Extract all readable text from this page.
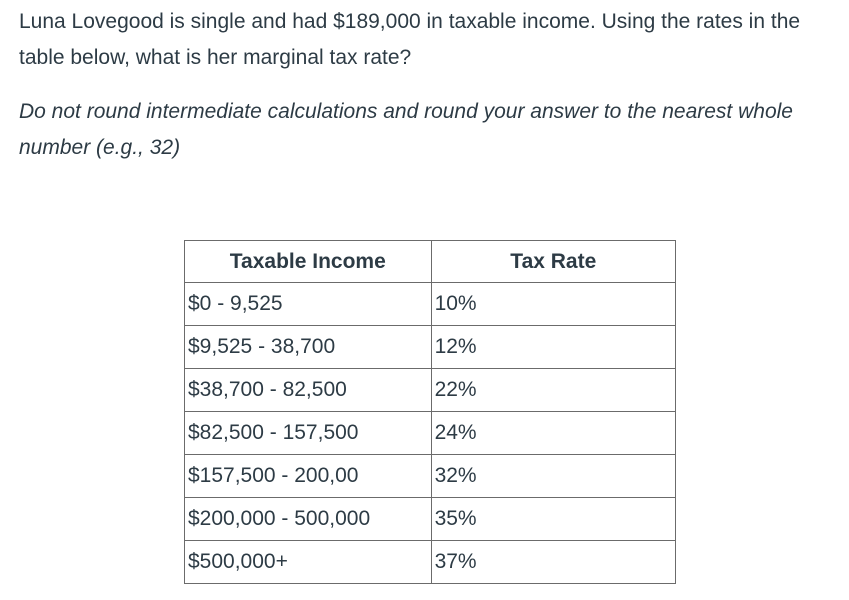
Luna Lovegood is single and had $189,000 in taxable income. Using the rates in the table below, what is her marginal tax rate?

Do not round intermediate calculations and round your answer to the nearest whole number (e.g., 32)

Taxable Income	Tax Rate
$0 - 9,525	10%
$9,525 - 38,700	12%
$38,700 - 82,500	22%
$82,500 - 157,500	24%
$157,500 - 200,00	32%
$200,000 - 500,000	35%
$500,000+	37%
